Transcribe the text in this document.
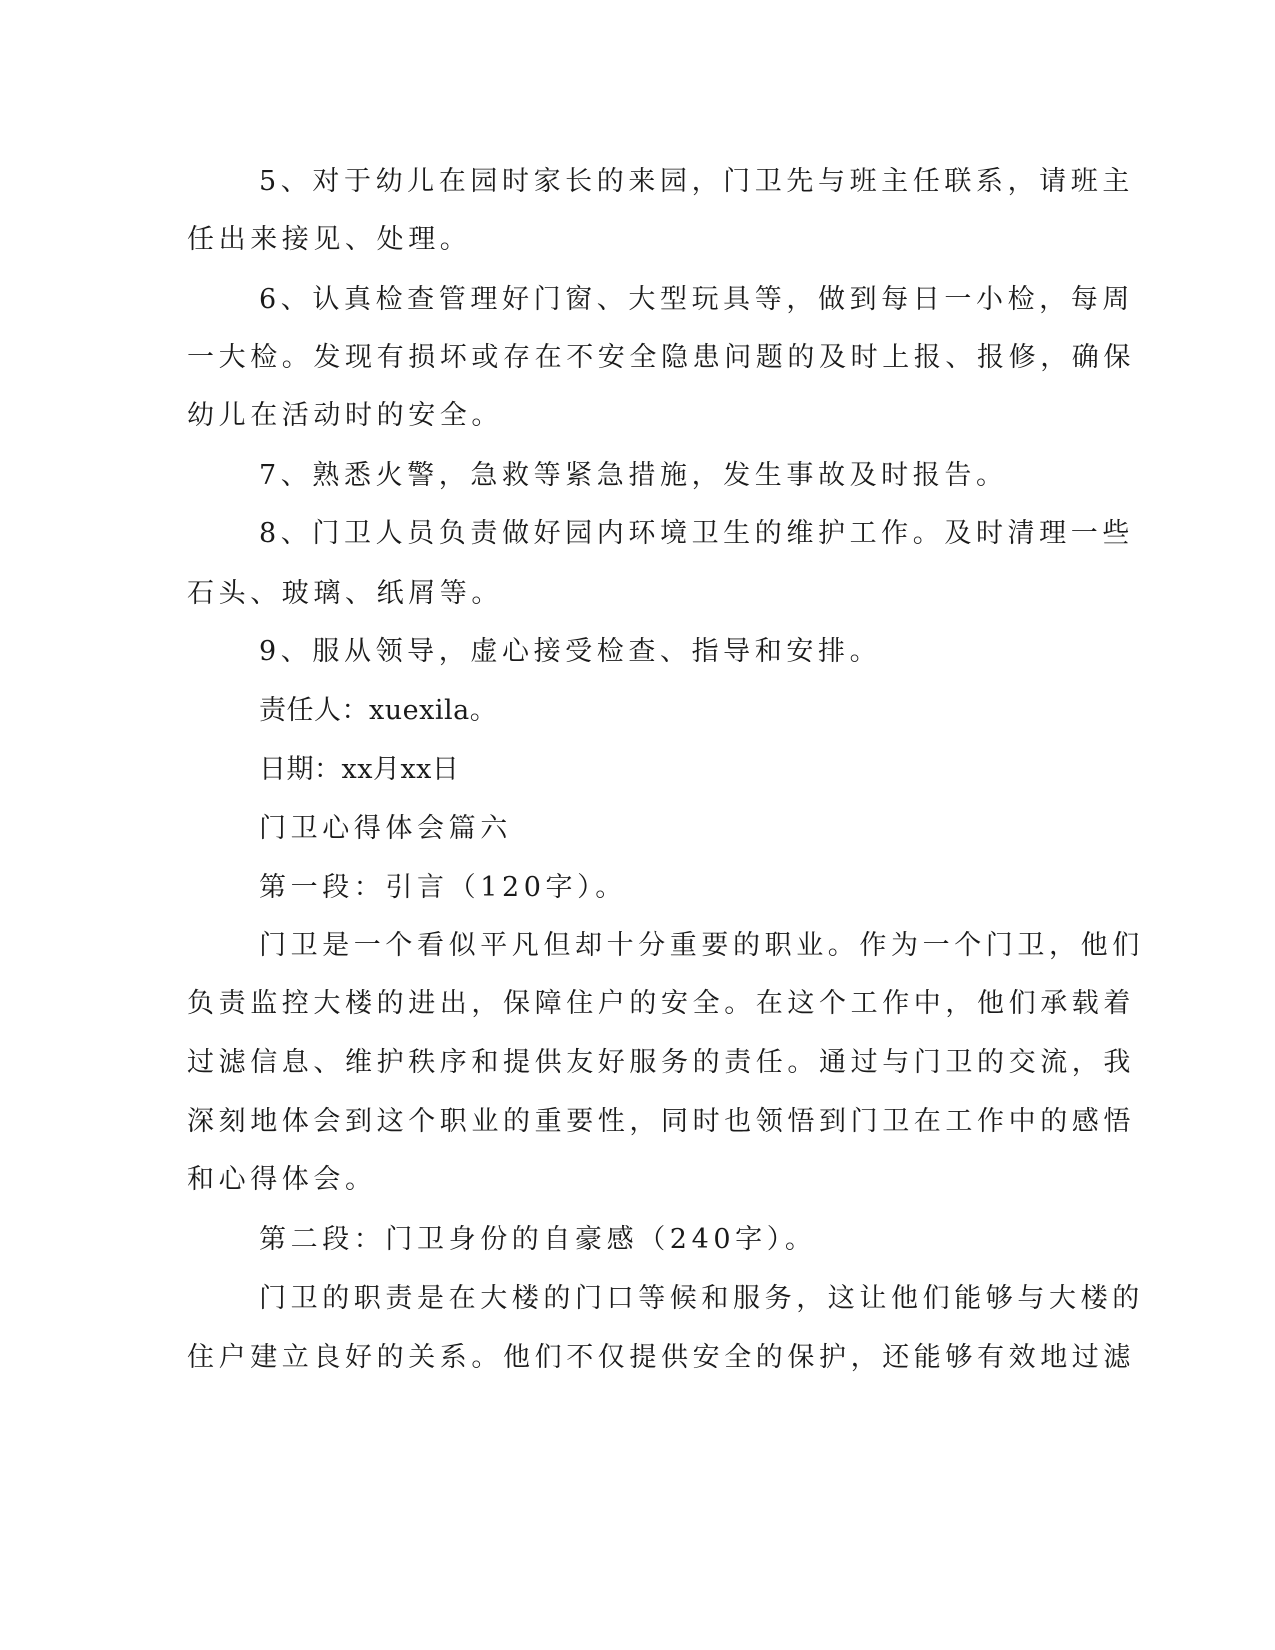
5、对于幼儿在园时家长的来园，门卫先与班主任联系，请班主
任出来接见、处理。
6、认真检查管理好门窗、大型玩具等，做到每日一小检，每周
一大检。发现有损坏或存在不安全隐患问题的及时上报、报修，确保
幼儿在活动时的安全。
7、熟悉火警，急救等紧急措施，发生事故及时报告。
8、门卫人员负责做好园内环境卫生的维护工作。及时清理一些
石头、玻璃、纸屑等。
9、服从领导，虚心接受检查、指导和安排。
责任人：xuexila。
日期：xx月xx日
门卫心得体会篇六
第一段：引言（120字）。
门卫是一个看似平凡但却十分重要的职业。作为一个门卫，他们
负责监控大楼的进出，保障住户的安全。在这个工作中，他们承载着
过滤信息、维护秩序和提供友好服务的责任。通过与门卫的交流，我
深刻地体会到这个职业的重要性，同时也领悟到门卫在工作中的感悟
和心得体会。
第二段：门卫身份的自豪感（240字）。
门卫的职责是在大楼的门口等候和服务，这让他们能够与大楼的
住户建立良好的关系。他们不仅提供安全的保护，还能够有效地过滤
